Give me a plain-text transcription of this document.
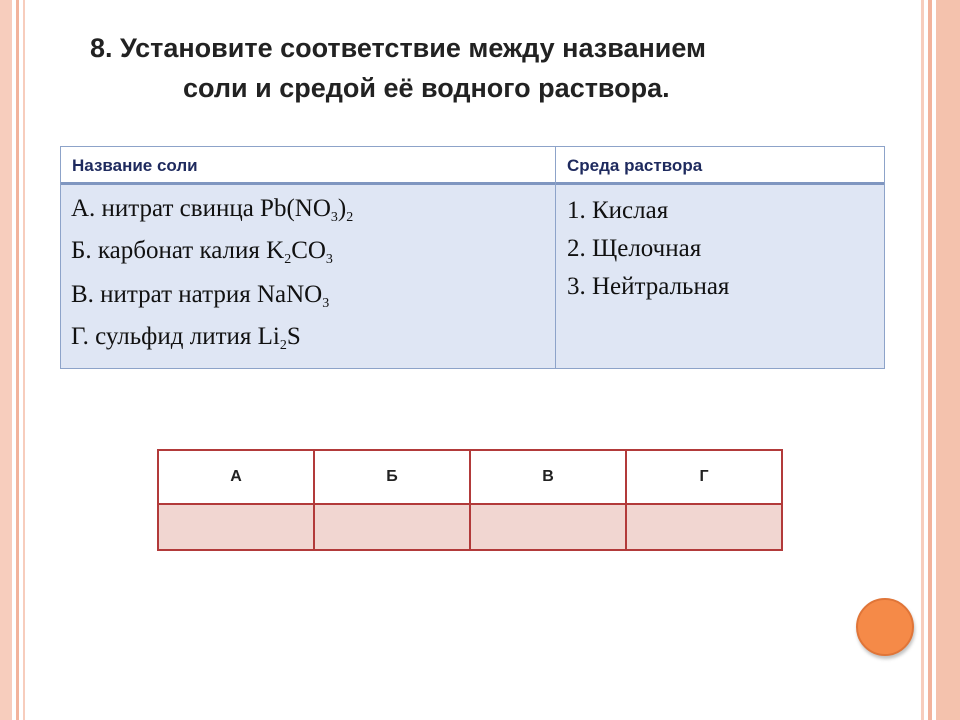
8. Установите соответствие между названием
соли и средой её водного раствора.
Название соли	Среда раствора
А. нитрат свинца $Pb(NO_3)_2$
Б. карбонат калия $K_2CO_3$
В. нитрат натрия NaNO$_3$
Г. сульфид лития $Li_2S$
1. Кислая
2. Щелочная
3. Нейтральная
А	Б	В	Г
